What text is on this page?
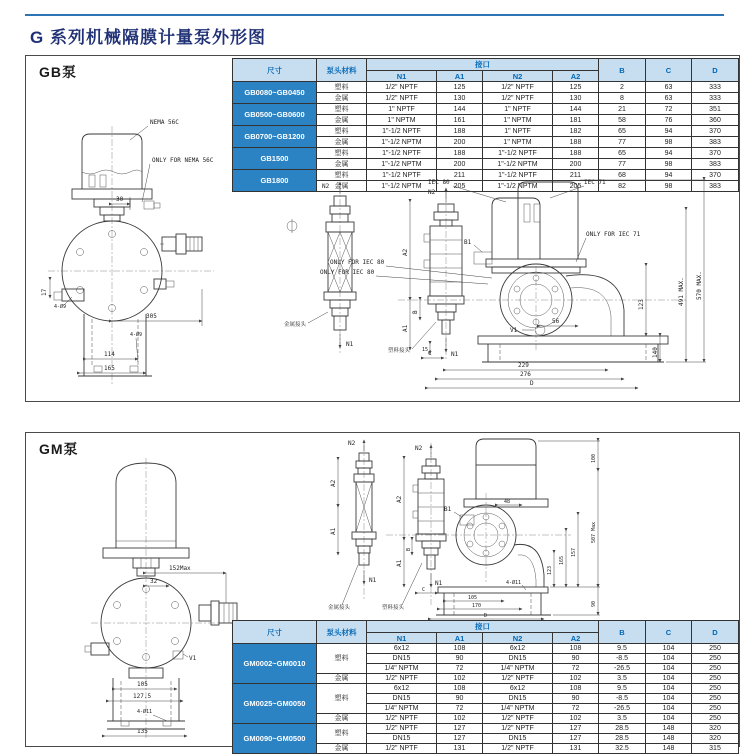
G 系列机械隔膜计量泵外形图
GB泵	尺寸	泵头材料	接口				B	C	D
		N1	A1	N2	A2			
GB0080~GB0450	塑料	1/2" NPTF	125	1/2" NPTF	125	2	63	333
	金属	1/2" NPTF	130	1/2" NPTF	130	8	63	333
GB0500~GB0600	塑料	1" NPTF	144	1" NPTF	144	21	72	351
	金属	1" NPTM	161	1" NPTM	181	58	76	360
GB0700~GB1200	塑料	1"-1/2 NPTF	188	1" NPTF	182	65	94	370
	金属	1"-1/2 NPTM	200	1" NPTM	188	77	98	383
GB1500	塑料	1"-1/2 NPTF	188	1"-1/2 NPTF	188	65	94	370
	金属	1"-1/2 NPTM	200	1"-1/2 NPTM	200	77	98	383
GB1800	塑料	1"-1/2 NPTF	211	1"-1/2 NPTF	211	68	94	370
	金属	1"-1/2 NPTM	205	1"-1/2 NPTM	205	82	98	383
30
NEMA 56C
ONLY FOR NEMA 56C
17
4-Ø9
305
4-Ø9
114
165
N2
N1
金属接头
N2
N1
塑料接头
IEC 80	IEC 71
ONLY FOR IEC 80
ONLY FOR IEC 80
ONLY FOR IEC 71
B1
V1
A2
A1
B
C
15
56
229
276
D
123
140
491 MAX. 570 MAX.
GM泵
V1
152Max
32
105
127.5
4-Ø11
135
N2
N1
A2
A1
金属接头
N2
N1
塑料接头
A2
A1
B
C
B1
48
4-Ø11
105
170
D
123
165
157
100
507 Max
90
尺寸	泵头材料	接口				B	C	D
		N1	A1	N2	A2			
GM0002~GM0010	塑料	6x12	108	6x12	108	9.5	104	250
		DN15	90	DN15	90	-8.5	104	250
		1/4" NPTM	72	1/4" NPTM	72	-26.5	104	250
	金属	1/2" NPTF	102	1/2" NPTF	102	3.5	104	250
GM0025~GM0050	塑料	6x12	108	6x12	108	9.5	104	250
		DN15	90	DN15	90	-8.5	104	250
		1/4" NPTM	72	1/4" NPTM	72	-26.5	104	250
	金属	1/2" NPTF	102	1/2" NPTF	102	3.5	104	250
GM0090~GM0500	塑料	1/2" NPTF	127	1/2" NPTF	127	28.5	148	320
		DN15	127	DN15	127	28.5	148	320
	金属	1/2" NPTF	131	1/2" NPTF	131	32.5	148	315
